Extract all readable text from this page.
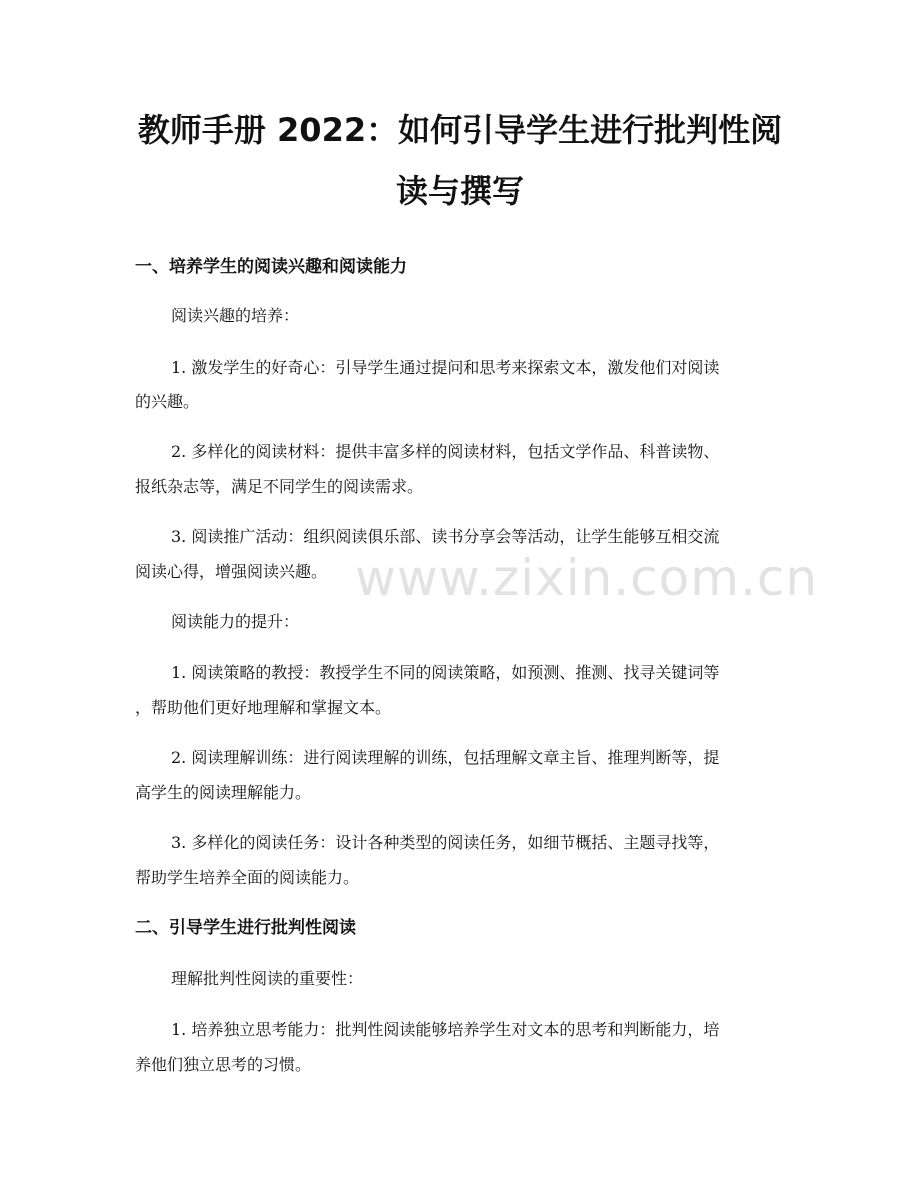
教师手册 2022：如何引导学生进行批判性阅
读与撰写
一、培养学生的阅读兴趣和阅读能力
阅读兴趣的培养：
1. 激发学生的好奇心：引导学生通过提问和思考来探索文本，激发他们对阅读
的兴趣。
2. 多样化的阅读材料：提供丰富多样的阅读材料，包括文学作品、科普读物、
报纸杂志等，满足不同学生的阅读需求。
3. 阅读推广活动：组织阅读俱乐部、读书分享会等活动，让学生能够互相交流
阅读心得，增强阅读兴趣。
阅读能力的提升：
1. 阅读策略的教授：教授学生不同的阅读策略，如预测、推测、找寻关键词等
，帮助他们更好地理解和掌握文本。
2. 阅读理解训练：进行阅读理解的训练，包括理解文章主旨、推理判断等，提
高学生的阅读理解能力。
3. 多样化的阅读任务：设计各种类型的阅读任务，如细节概括、主题寻找等，
帮助学生培养全面的阅读能力。
二、引导学生进行批判性阅读
理解批判性阅读的重要性：
1. 培养独立思考能力：批判性阅读能够培养学生对文本的思考和判断能力，培
养他们独立思考的习惯。
www.zixin.com.cn
